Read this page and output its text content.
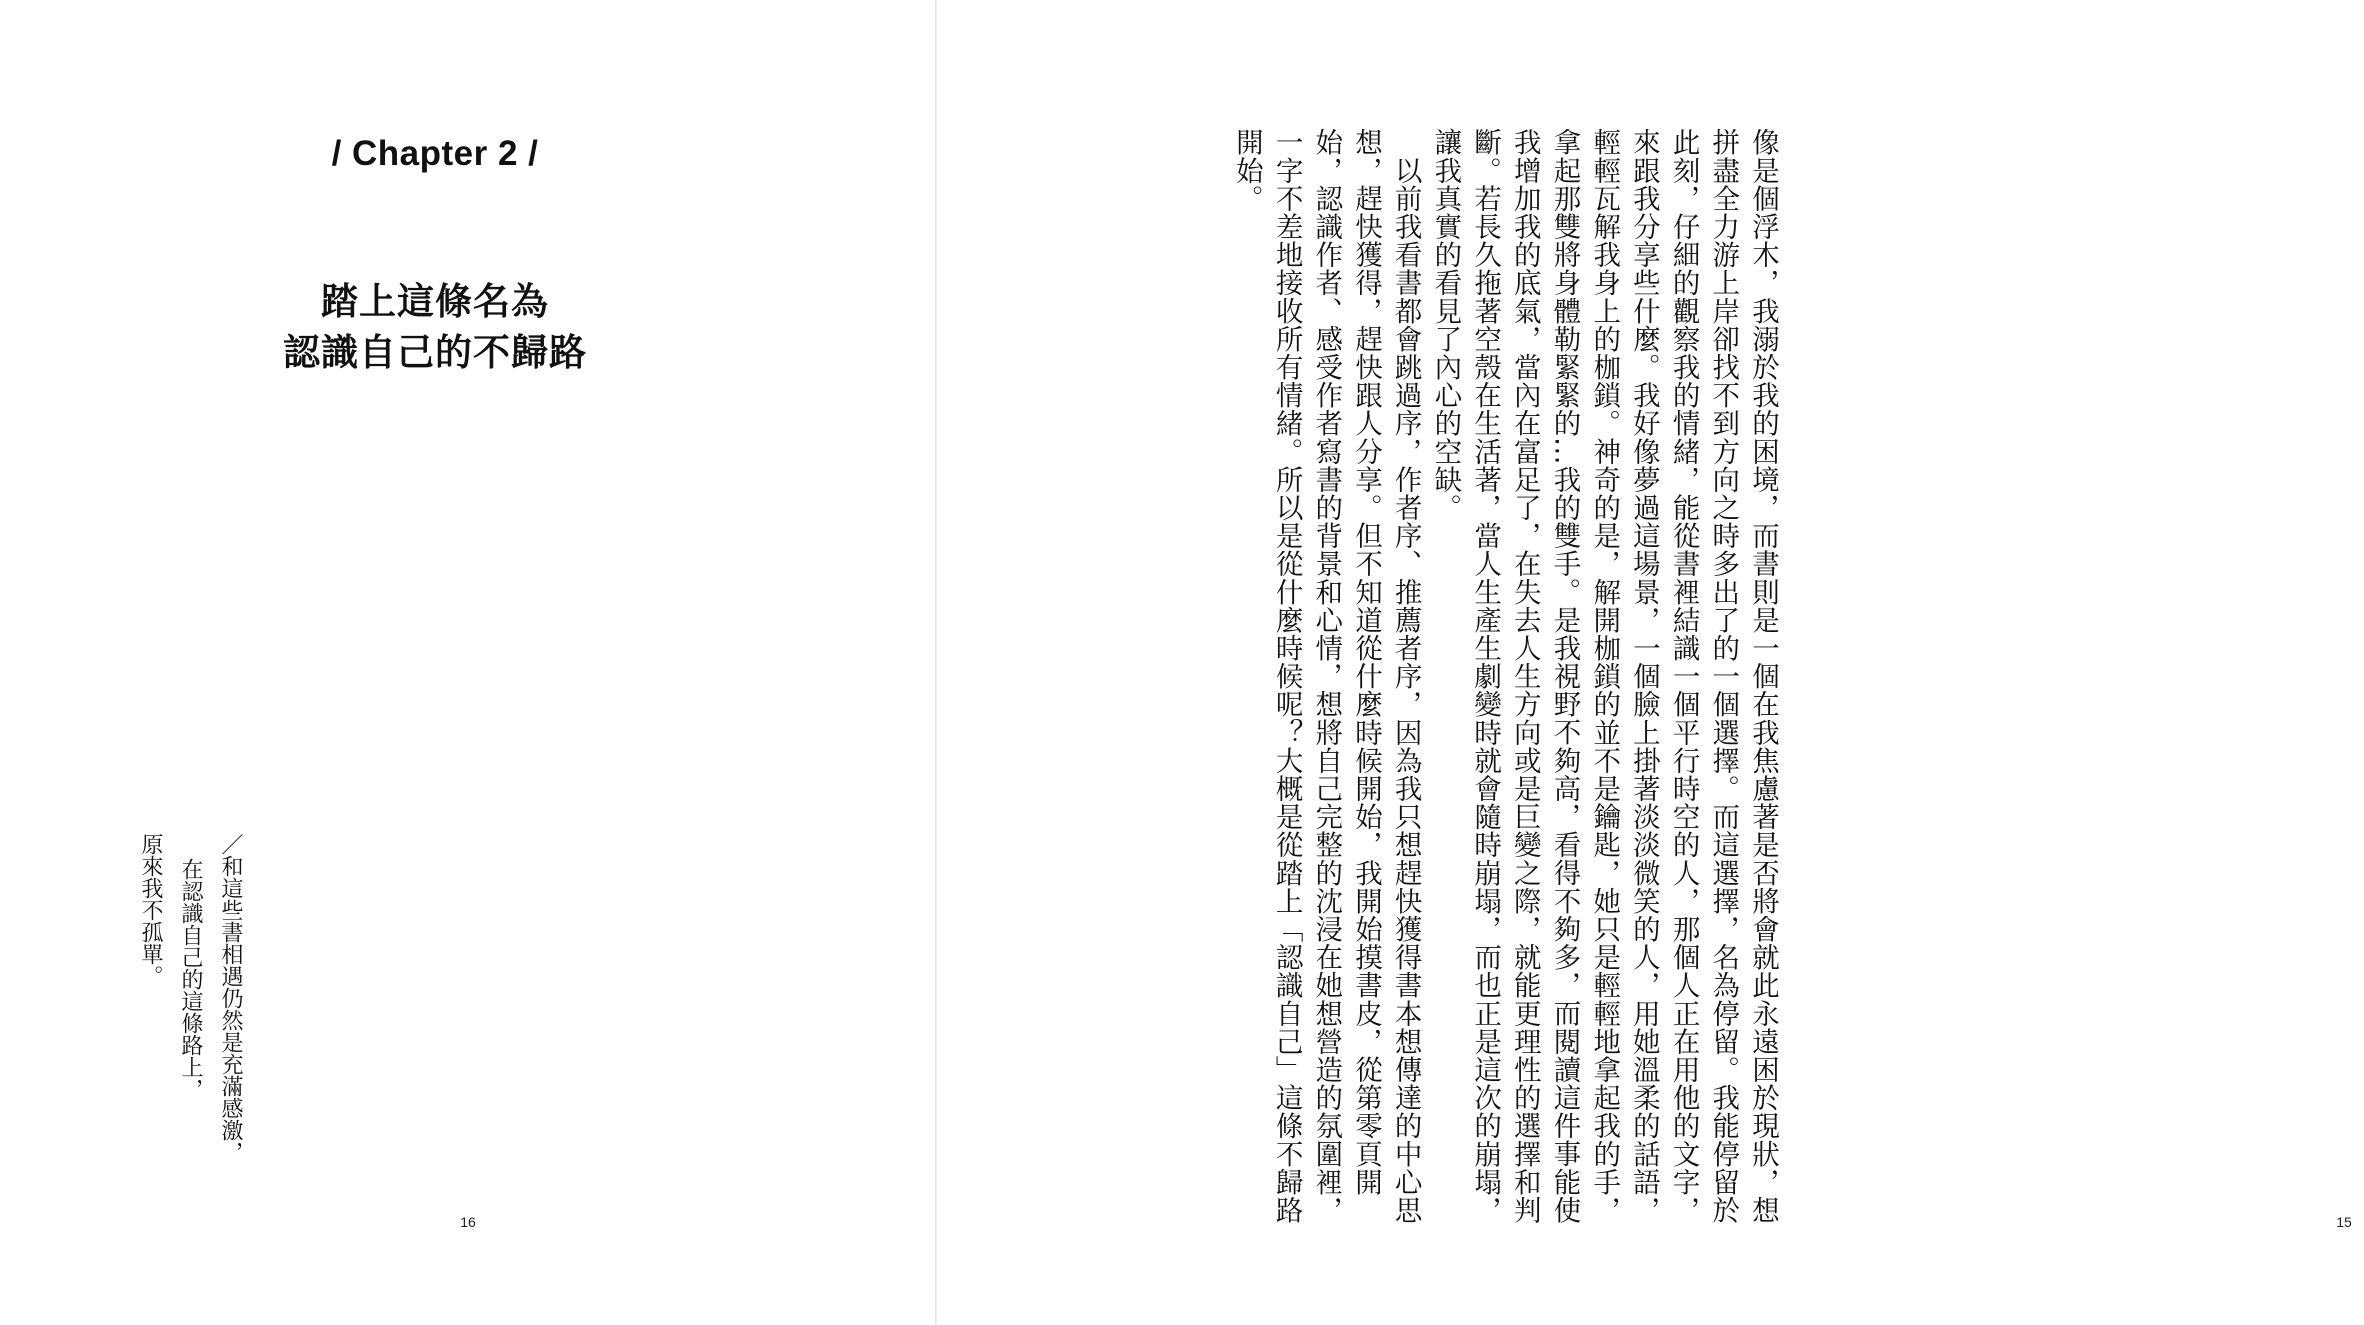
/ Chapter 2 /
踏上這條名為
認識自己的不歸路
／和這些書相遇仍然是充滿感激，
在認識自己的這條路上，
原來我不孤單。
16	像是個浮木，我溺於我的困境，而書則是一個在我焦慮著是否將會就此永遠困於現狀，想
拼盡全力游上岸卻找不到方向之時多出了的一個選擇。而這選擇，名為停留。我能停留於
此刻，仔細的觀察我的情緒，能從書裡結識一個平行時空的人，那個人正在用他的文字，
來跟我分享些什麼。我好像夢過這場景，一個臉上掛著淡淡微笑的人，用她溫柔的話語，
輕輕瓦解我身上的枷鎖。神奇的是，解開枷鎖的並不是鑰匙，她只是輕輕地拿起我的手，
拿起那雙將身體勒緊緊的...我的雙手。是我視野不夠高，看得不夠多，而閱讀這件事能使
我增加我的底氣，當內在富足了，在失去人生方向或是巨變之際，就能更理性的選擇和判
斷。若長久拖著空殼在生活著，當人生產生劇變時就會隨時崩塌，而也正是這次的崩塌，
讓我真實的看見了內心的空缺。
　以前我看書都會跳過序，作者序、推薦者序，因為我只想趕快獲得書本想傳達的中心思
想，趕快獲得，趕快跟人分享。但不知道從什麼時候開始，我開始摸書皮，從第零頁開
始，認識作者、感受作者寫書的背景和心情，想將自己完整的沈浸在她想營造的氛圍裡，
一字不差地接收所有情緒。所以是從什麼時候呢？大概是從踏上「認識自己」這條不歸路
開始。
15
